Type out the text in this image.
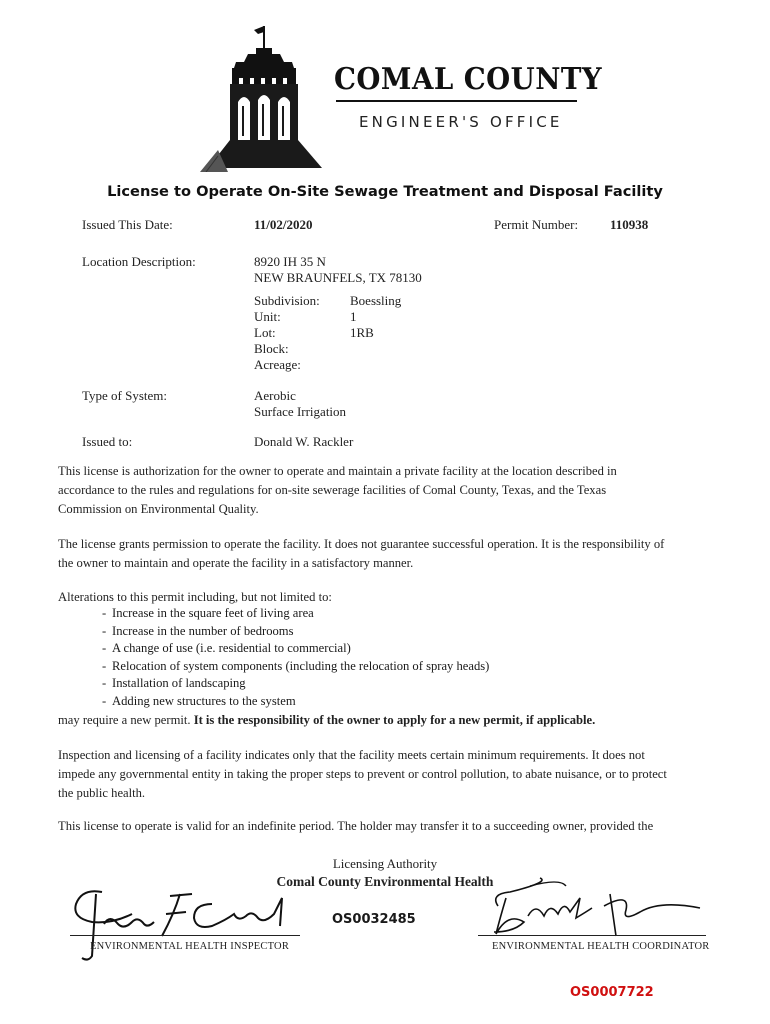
COMAL COUNTY
ENGINEER'S OFFICE
License to Operate On-Site Sewage Treatment and Disposal Facility
Issued This Date:	11/02/2020	Permit Number: 110938
Location Description:	8920 IH 35 N
NEW BRAUNFELS, TX 78130
Subdivision: Boessling
Unit:	1
Lot:	1RB
Block:
Acreage:
Type of System:	Aerobic
Surface Irrigation
Issued to:	Donald W. Rackler
This license is authorization for the owner to operate and maintain a private facility at the location described in accordance to the rules and regulations for on-site sewerage facilities of Comal County, Texas, and the Texas Commission on Environmental Quality.
The license grants permission to operate the facility. It does not guarantee successful operation. It is the responsibility of the owner to maintain and operate the facility in a satisfactory manner.
Alterations to this permit including, but not limited to:
- Increase in the square feet of living area
- Increase in the number of bedrooms
- A change of use (i.e. residential to commercial)
- Relocation of system components (including the relocation of spray heads)
- Installation of landscaping
- Adding new structures to the system
may require a new permit. It is the responsibility of the owner to apply for a new permit, if applicable.
Inspection and licensing of a facility indicates only that the facility meets certain minimum requirements. It does not impede any governmental entity in taking the proper steps to prevent or control pollution, to abate nuisance, or to protect the public health.
This license to operate is valid for an indefinite period. The holder may transfer it to a succeeding owner, provided the
Licensing Authority
Comal County Environmental Health
ENVIRONMENTAL HEALTH INSPECTOR
OS0032485
ENVIRONMENTAL HEALTH COORDINATOR
OS0007722
